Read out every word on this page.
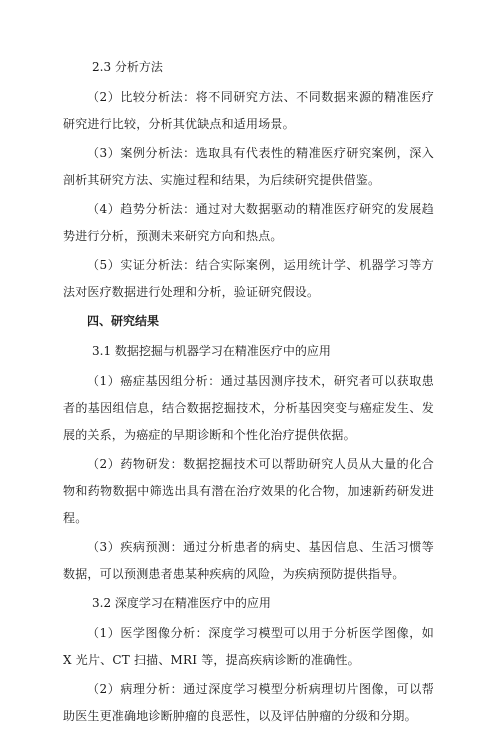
2.3 分析方法

（2）比较分析法：将不同研究方法、不同数据来源的精准医疗研究进行比较，分析其优缺点和适用场景。

（3）案例分析法：选取具有代表性的精准医疗研究案例，深入剖析其研究方法、实施过程和结果，为后续研究提供借鉴。

（4）趋势分析法：通过对大数据驱动的精准医疗研究的发展趋势进行分析，预测未来研究方向和热点。

（5）实证分析法：结合实际案例，运用统计学、机器学习等方法对医疗数据进行处理和分析，验证研究假设。

四、研究结果
3.1 数据挖掘与机器学习在精准医疗中的应用

（1）癌症基因组分析：通过基因测序技术，研究者可以获取患者的基因组信息，结合数据挖掘技术，分析基因突变与癌症发生、发展的关系，为癌症的早期诊断和个性化治疗提供依据。

（2）药物研发：数据挖掘技术可以帮助研究人员从大量的化合物和药物数据中筛选出具有潜在治疗效果的化合物，加速新药研发进程。

（3）疾病预测：通过分析患者的病史、基因信息、生活习惯等数据，可以预测患者患某种疾病的风险，为疾病预防提供指导。

3.2 深度学习在精准医疗中的应用

（1）医学图像分析：深度学习模型可以用于分析医学图像，如 X 光片、CT 扫描、MRI 等，提高疾病诊断的准确性。

（2）病理分析：通过深度学习模型分析病理切片图像，可以帮助医生更准确地诊断肿瘤的良恶性，以及评估肿瘤的分级和分期。
